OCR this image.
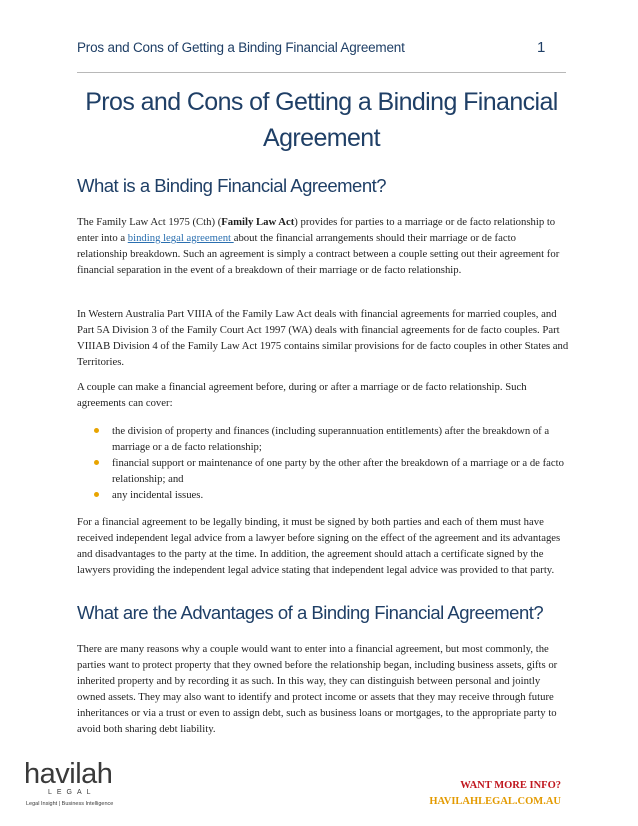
Pros and Cons of Getting a Binding Financial Agreement	1
Pros and Cons of Getting a Binding Financial Agreement
What is a Binding Financial Agreement?
The Family Law Act 1975 (Cth) (Family Law Act) provides for parties to a marriage or de facto relationship to enter into a binding legal agreement about the financial arrangements should their marriage or de facto relationship breakdown. Such an agreement is simply a contract between a couple setting out their agreement for financial separation in the event of a breakdown of their marriage or de facto relationship.
In Western Australia Part VIIIA of the Family Law Act deals with financial agreements for married couples, and Part 5A Division 3 of the Family Court Act 1997 (WA) deals with financial agreements for de facto couples. Part VIIIAB Division 4 of the Family Law Act 1975 contains similar provisions for de facto couples in other States and Territories.
A couple can make a financial agreement before, during or after a marriage or de facto relationship. Such agreements can cover:
the division of property and finances (including superannuation entitlements) after the breakdown of a marriage or a de facto relationship;
financial support or maintenance of one party by the other after the breakdown of a marriage or a de facto relationship; and
any incidental issues.
For a financial agreement to be legally binding, it must be signed by both parties and each of them must have received independent legal advice from a lawyer before signing on the effect of the agreement and its advantages and disadvantages to the party at the time. In addition, the agreement should attach a certificate signed by the lawyers providing the independent legal advice stating that independent legal advice was provided to that party.
What are the Advantages of a Binding Financial Agreement?
There are many reasons why a couple would want to enter into a financial agreement, but most commonly, the parties want to protect property that they owned before the relationship began, including business assets, gifts or inherited property and by recording it as such. In this way, they can distinguish between personal and jointly owned assets. They may also want to identify and protect income or assets that they may receive through future inheritances or via a trust or even to assign debt, such as business loans or mortgages, to the appropriate party to avoid both sharing debt liability.
havilah
LEGAL
Legal Insight | Business Intelligence
WANT MORE INFO?
HAVILAHLEGAL.COM.AU
